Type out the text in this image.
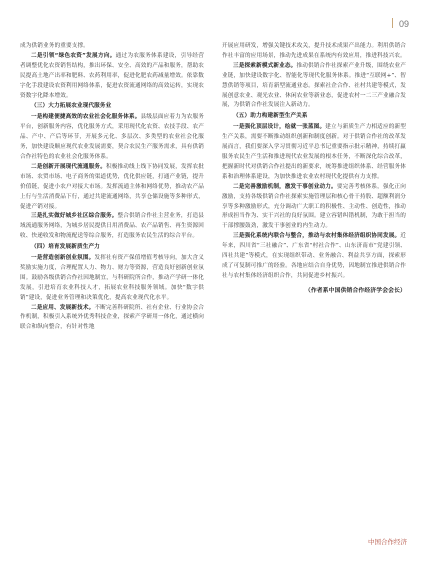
09

成为供销业务的重要支撑。

二是引领“绿色农资”发展方向。通过为农服务体系建设，引导经营者调整优化农资销售结构，推出环保、安全、高效的产品和服务，帮助农民提高土地产出率和肥料、农药利用率，促进化肥农药减量增效。依靠数字化手段建设农资利用网络体系，促进农资流通网络的高效运转，实现农资数字化降本增效。

（三）大力拓展农业现代服务业

一是构建便捷高效的农业社会化服务体系。县级层面应着力为农服务平台，创新服务内容，优化服务方式，采用现代化农资、农技手段、农产品、产中、产后等环节，开展多元化、多层次、多类型的农业社会化服务，加快建设顺应现代农业发展需要，契合农民生产服务需求，具有供销合作社特色的农业社会化服务体系。

二是创新开展现代流通服务。积极推动线上线下协同发展，发挥农批市场、农贸市场、电子商务的渠道优势，优化供应链，打通产业链，提升价值链，促进小农户对接大市场。发挥流通主体和网络优势，推动农产品上行与生活消费品下行，通过共建流通网络，共享仓储设施等多种形式，促进产销对接。

三是扎实做好城乡社区综合服务。整合供销合作社主营业务，打造县域流通服务网络，为城乡居民提供日用消费品、农产品销售、再生资源回收、快递收发和物流配送等综合服务，打造服务农民生活的综合平台。

（四）培育发展新质生产力

一是营造创新创业氛围。发挥社有资产保值增值考核导向，加大含义奖励实施力度，合理配置人力、物力、财力等资源，营造良好创新创业氛围。鼓励各级供销合作社因地制宜，与科研院所合作，推动产学研一体化发展，引进培育农业科技人才，拓展农业科技服务领域。加快“数字供销”建设，促进业务管理和决策优化，提高农业现代化水平。

二是应用、发展新技术。不断完善科研院所、社有企业、行业协会合作机制，积极引入系统外优秀科技企业，探索产学研用一体化，通过横向联合和纵向整合，有针对性地

开展应用研发，增强关键技术攻关，提升技术成果产出能力。利用供销合作社丰富的应用场景，推动先进成果在系统内有效应用，推进科技兴农。

三是探索新模式新业态。推动供销合作社探索产业升级，围绕农业产业链，加快建设数字化、智能化等现代化服务体系。推进“互联网+”、智慧供销等项目，培育新型流通业态。探索社企合作、社村共建等模式，发展创意农业、观光农业、休闲农业等新业态，促进农村一二三产业融合发展，为供销合作社发展注入新动力。

（五）助力构建新型生产关系

一是强化顶层设计，绘就一张蓝图。建立与新质生产力相适应的新型生产关系，需要不断推动组织创新和制度创新。对于供销合作社的改革发展而言，我们要深入学习贯彻习近平总书记重要指示批示精神，持续打赢服务农民生产生活和推进现代农业发展的根本任务，不断深化综合改革，把握新时代对供销合作社提出的新要求，统筹推进组织体系、经营服务体系和治理体系建设，为加快推进农业农村现代化提供有力支撑。

二是完善激励机制，激发干事创业动力。要完善考核体系，强化正向激励，支持各级供销合作社探索实施管理层和核心骨干持股、超额利润分享等多种激励形式，充分调动广大职工的积极性、主动性、创造性，推动形成担当作为、实干兴社的良好氛围。建立容错纠错机制，为敢于担当的干部撑腰鼓劲，激发干事创业的内生动力。

三是强化系统内联合与整合，推动与农村集体经济组织协同发展。近年来，四川省“三社融合”、广东省“村社合作”、山东济南市“党建引领、四社共建”等模式，在实现组织带动、业务融合、利益共享方面，探索形成了可复制可推广的经验。各地应结合自身优势，因地制宜推进供销合作社与农村集体经济组织合作，共同促进乡村振兴。

（作者系中国供销合作经济学会会长）
中国合作经济
